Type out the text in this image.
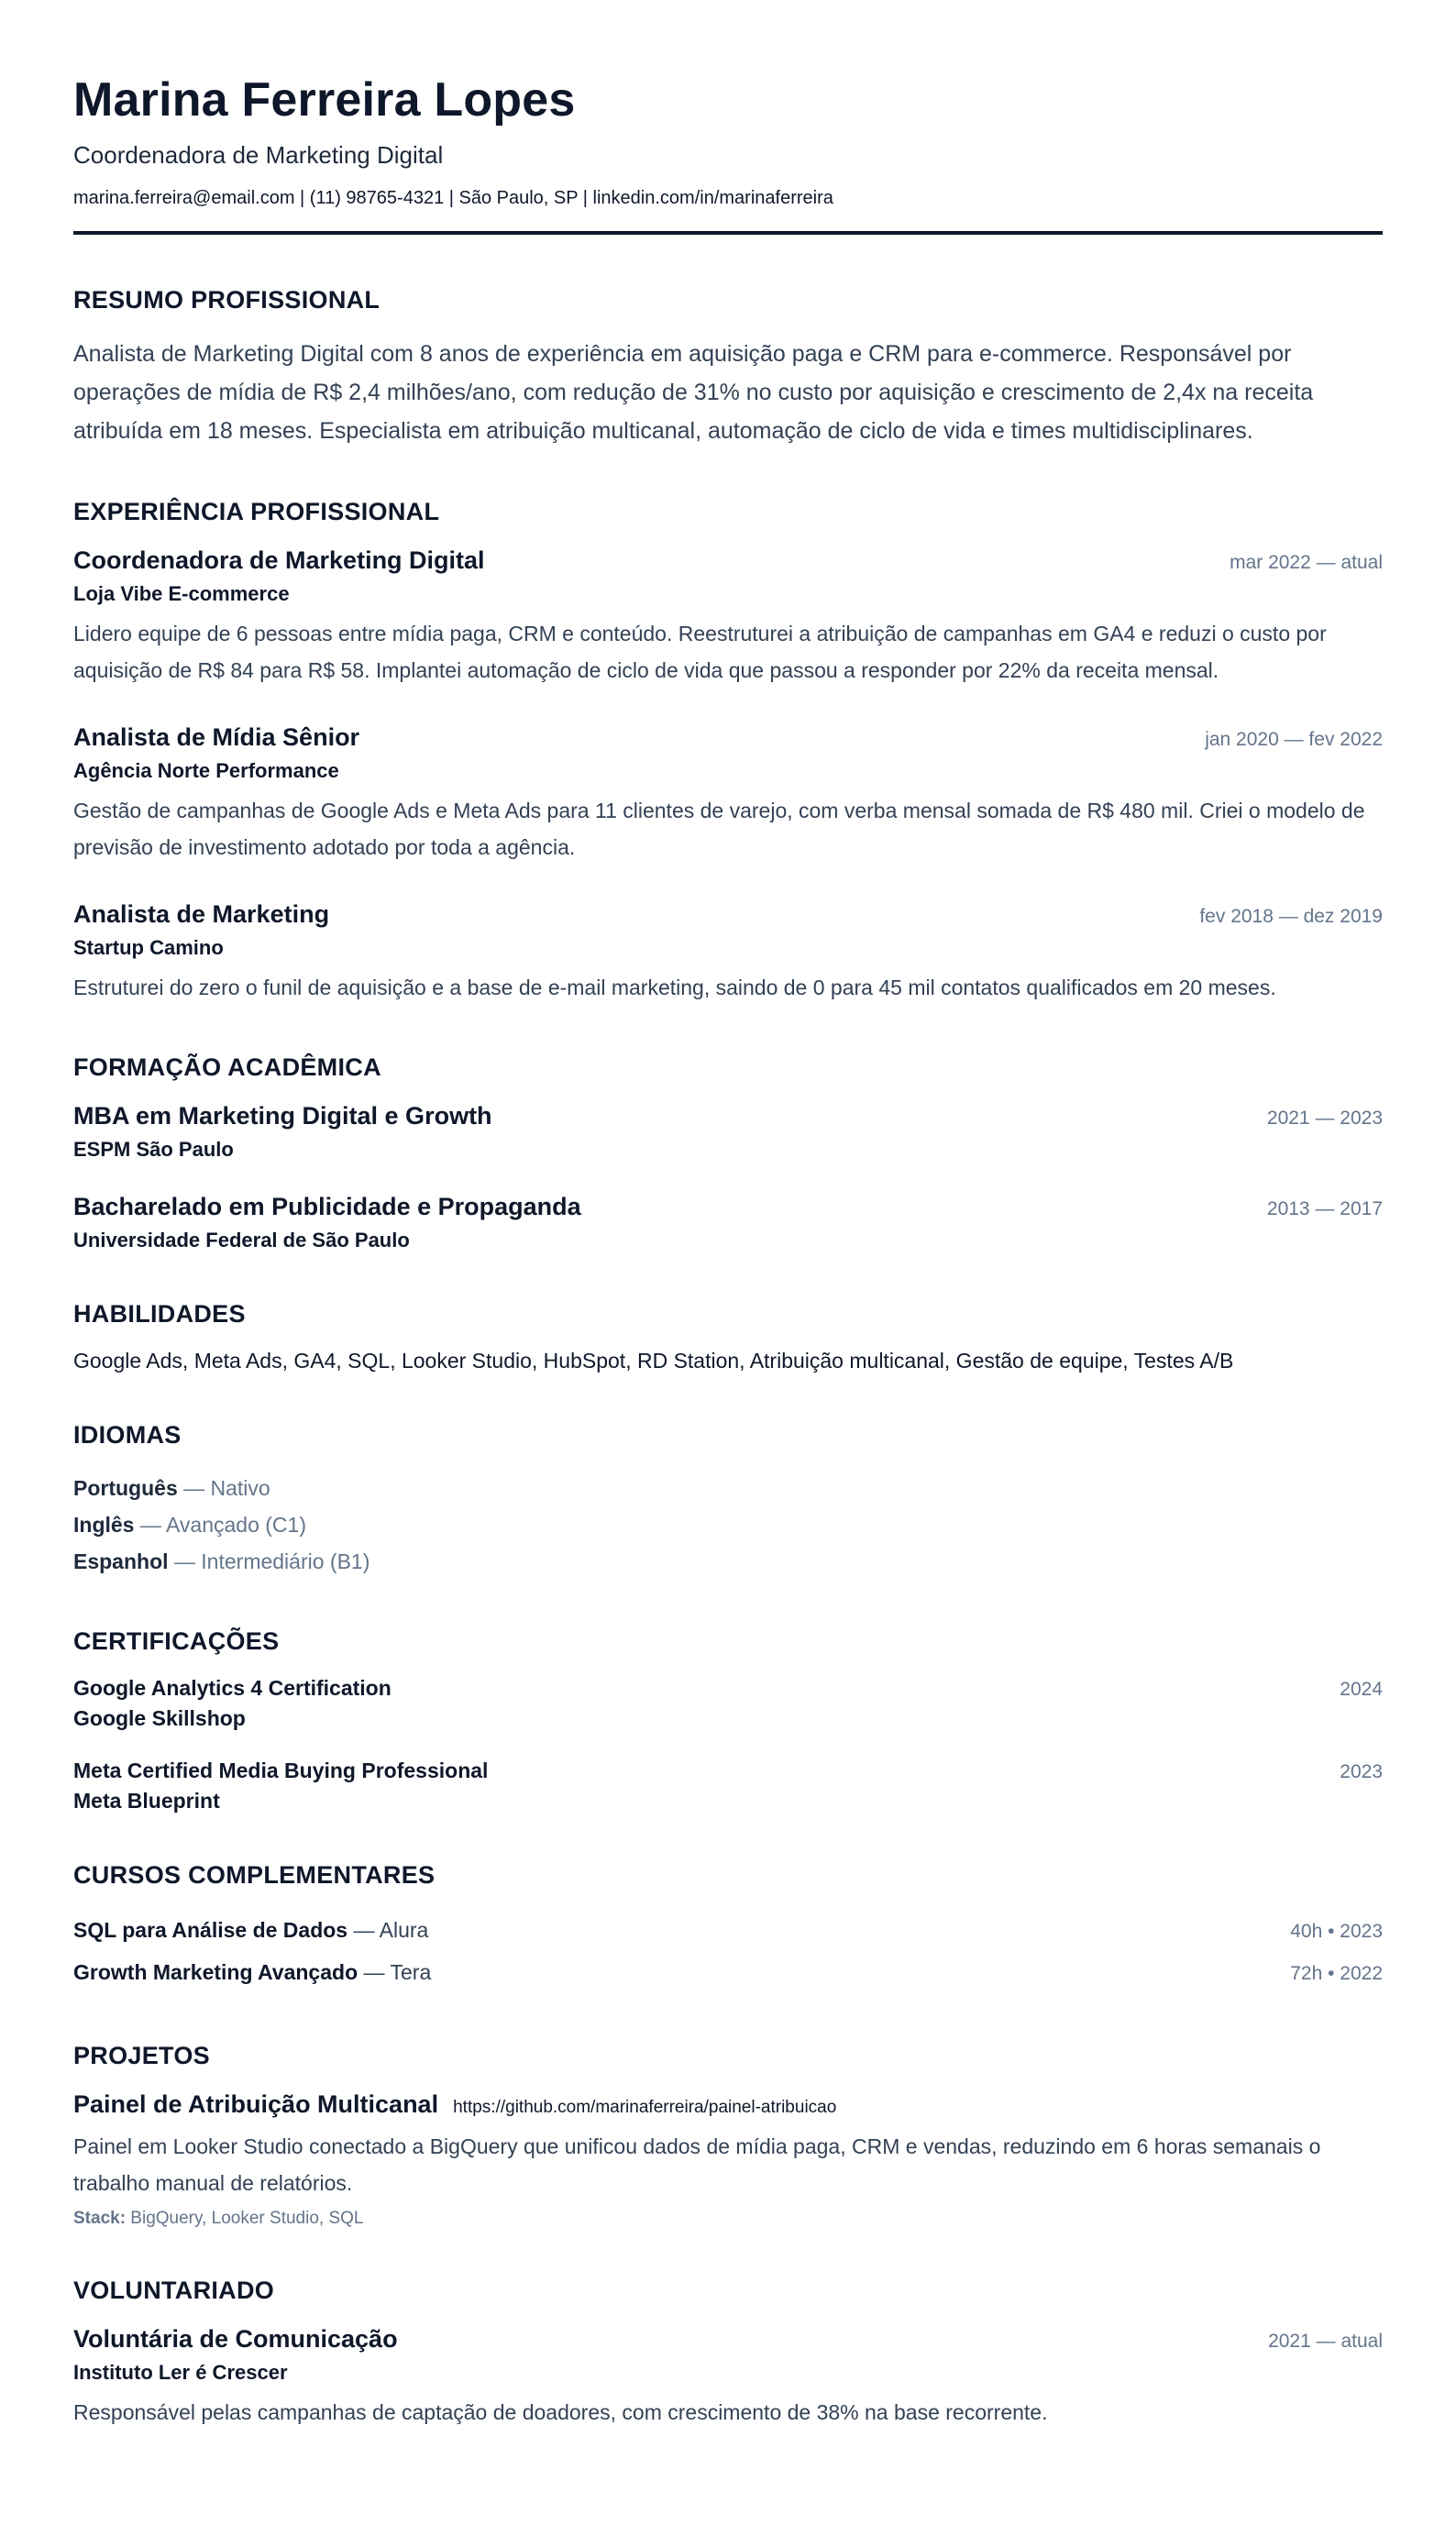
Marina Ferreira Lopes
Coordenadora de Marketing Digital
marina.ferreira@email.com | (11) 98765-4321 | São Paulo, SP | linkedin.com/in/marinaferreira
RESUMO PROFISSIONAL

Analista de Marketing Digital com 8 anos de experiência em aquisição paga e CRM para e-commerce. Responsável por operações de mídia de R$ 2,4 milhões/ano, com redução de 31% no custo por aquisição e crescimento de 2,4x na receita atribuída em 18 meses. Especialista em atribuição multicanal, automação de ciclo de vida e times multidisciplinares.

EXPERIÊNCIA PROFISSIONAL
Coordenadora de Marketing Digital	mar 2022 — atual
Loja Vibe E-commerce

Lidero equipe de 6 pessoas entre mídia paga, CRM e conteúdo. Reestruturei a atribuição de campanhas em GA4 e reduzi o custo por aquisição de R$ 84 para R$ 58. Implantei automação de ciclo de vida que passou a responder por 22% da receita mensal.

Analista de Mídia Sênior	jan 2020 — fev 2022
Agência Norte Performance

Gestão de campanhas de Google Ads e Meta Ads para 11 clientes de varejo, com verba mensal somada de R$ 480 mil. Criei o modelo de previsão de investimento adotado por toda a agência.

Analista de Marketing	fev 2018 — dez 2019
Startup Camino

Estruturei do zero o funil de aquisição e a base de e-mail marketing, saindo de 0 para 45 mil contatos qualificados em 20 meses.

FORMAÇÃO ACADÊMICA
MBA em Marketing Digital e Growth	2021 — 2023
ESPM São Paulo
Bacharelado em Publicidade e Propaganda	2013 — 2017
Universidade Federal de São Paulo
HABILIDADES

Google Ads, Meta Ads, GA4, SQL, Looker Studio, HubSpot, RD Station, Atribuição multicanal, Gestão de equipe, Testes A/B

IDIOMAS
Português — Nativo
Inglês — Avançado (C1)
Espanhol — Intermediário (B1)
CERTIFICAÇÕES
Google Analytics 4 Certification	2024
Google Skillshop
Meta Certified Media Buying Professional	2023
Meta Blueprint
CURSOS COMPLEMENTARES
SQL para Análise de Dados — Alura	40h • 2023
Growth Marketing Avançado — Tera	72h • 2022
PROJETOS
Painel de Atribuição Multicanal https://github.com/marinaferreira/painel-atribuicao

Painel em Looker Studio conectado a BigQuery que unificou dados de mídia paga, CRM e vendas, reduzindo em 6 horas semanais o trabalho manual de relatórios.

Stack: BigQuery, Looker Studio, SQL
VOLUNTARIADO
Voluntária de Comunicação	2021 — atual
Instituto Ler é Crescer

Responsável pelas campanhas de captação de doadores, com crescimento de 38% na base recorrente.
